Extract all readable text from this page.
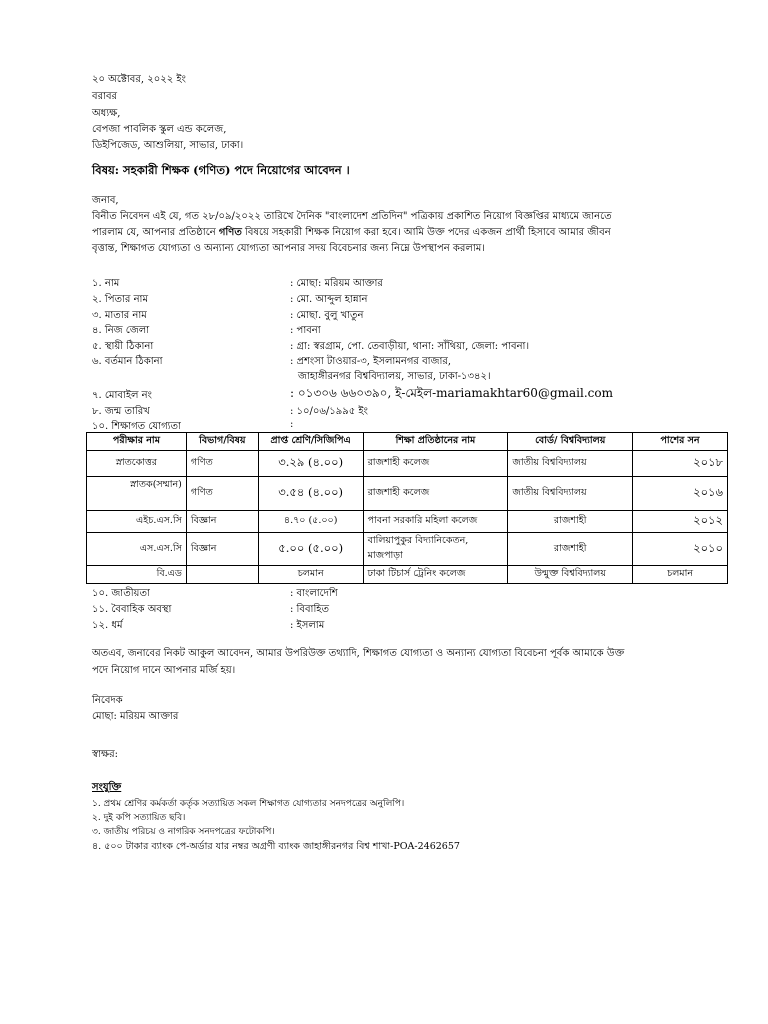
২০ অক্টোবর, ২০২২ ইং
বরাবর
অধ্যক্ষ,
বেপজা পাবলিক স্কুল এন্ড কলেজ,
ডিইপিজেড, আশুলিয়া, সাভার, ঢাকা।
বিষয়: সহকারী শিক্ষক (গণিত) পদে নিয়োগের আবেদন ।
জনাব,
বিনীত নিবেদন এই যে, গত ২৮/০৯/২০২২ তারিখে দৈনিক "বাংলাদেশ প্রতিদিন" পত্রিকায় প্রকাশিত নিয়োগ বিজ্ঞপ্তির মাধ্যমে জানতে
পারলাম যে, আপনার প্রতিষ্ঠানে গণিত বিষয়ে সহকারী শিক্ষক নিয়োগ করা হবে। আমি উক্ত পদের একজন প্রার্থী হিসাবে আমার জীবন
বৃত্তান্ত, শিক্ষাগত যোগ্যতা ও অন্যান্য যোগ্যতা আপনার সদয় বিবেচনার জন্য নিম্নে উপস্থাপন করলাম।
১. নাম	: মোছা: মরিয়ম আক্তার
২. পিতার নাম	: মো. আব্দুল হান্নান
৩. মাতার নাম	: মোছা. বুলু খাতুন
৪. নিজ জেলা	: পাবনা
৫. স্থায়ী ঠিকানা	: গ্রা: স্বরগ্রাম, পো. তেবাড়ীয়া, থানা: সাঁথিয়া, জেলা: পাবনা।
৬. বর্তমান ঠিকানা	: প্রশংসা টাওয়ার-৩, ইসলামনগর বাজার,
জাহাঙ্গীরনগর বিশ্ববিদ্যালয়, সাভার, ঢাকা-১৩৪২।
৭. মোবাইল নং	: ০১৩০৬ ৬৬০৩৯০, ই-মেইল-mariamakhtar60@gmail.com
৮. জন্ম তারিখ	: ১০/০৬/১৯৯৫ ইং
১০. শিক্ষাগত যোগ্যতা	:
পরীক্ষার নাম	বিভাগ/বিষয়	প্রাপ্ত শ্রেণি/সিজিপিএ	শিক্ষা প্রতিষ্ঠানের নাম	বোর্ড/ বিশ্ববিদ্যালয়	পাশের সন
স্নাতকোত্তর	গণিত	৩.২৯ (৪.০০)	রাজশাহী কলেজ	জাতীয় বিশ্ববিদ্যালয়	২০১৮
স্নাতক(সম্মান)	গণিত	৩.৫৪ (৪.০০)	রাজশাহী কলেজ	জাতীয় বিশ্ববিদ্যালয়	২০১৬
এইচ.এস.সি	বিজ্ঞান	৪.৭০ (৫.০০)	পাবনা সরকারি মহিলা কলেজ	রাজশাহী	২০১২
এস.এস.সি	বিজ্ঞান	৫.০০ (৫.০০)	বালিয়াপুকুর বিদ্যানিকেতন, মাজপাড়া	রাজশাহী	২০১০
বি.এড		চলমান	ঢাকা টিচার্স ট্রেনিং কলেজ	উন্মুক্ত বিশ্ববিদ্যালয়	চলমান
১০. জাতীয়তা	: বাংলাদেশি
১১. বৈবাহিক অবস্থা	: বিবাহিত
১২. ধর্ম	: ইসলাম
অতএব, জনাবের নিকট আকুল আবেদন, আমার উপরিউক্ত তথ্যাদি, শিক্ষাগত যোগ্যতা ও অন্যান্য যোগ্যতা বিবেচনা পূর্বক আমাকে উক্ত
পদে নিয়োগ দানে আপনার মর্জি হয়।
নিবেদক
মোছা: মরিয়ম আক্তার
স্বাক্ষর:
সংযুক্তি
১. প্রথম শ্রেণির কর্মকর্তা কর্তৃক সত্যায়িত সকল শিক্ষাগত যোগ্যতার সনদপত্রের অনুলিপি।
২. দুই কপি সত্যায়িত ছবি।
৩. জাতীয় পরিচয় ও নাগরিক সনদপত্রের ফটোকপি।
৪. ৫০০ টাকার ব্যাংক পে-অর্ডার যার নম্বর অগ্রণী ব্যাংক জাহাঙ্গীরনগর বিশ্ব শাখা-POA-2462657
